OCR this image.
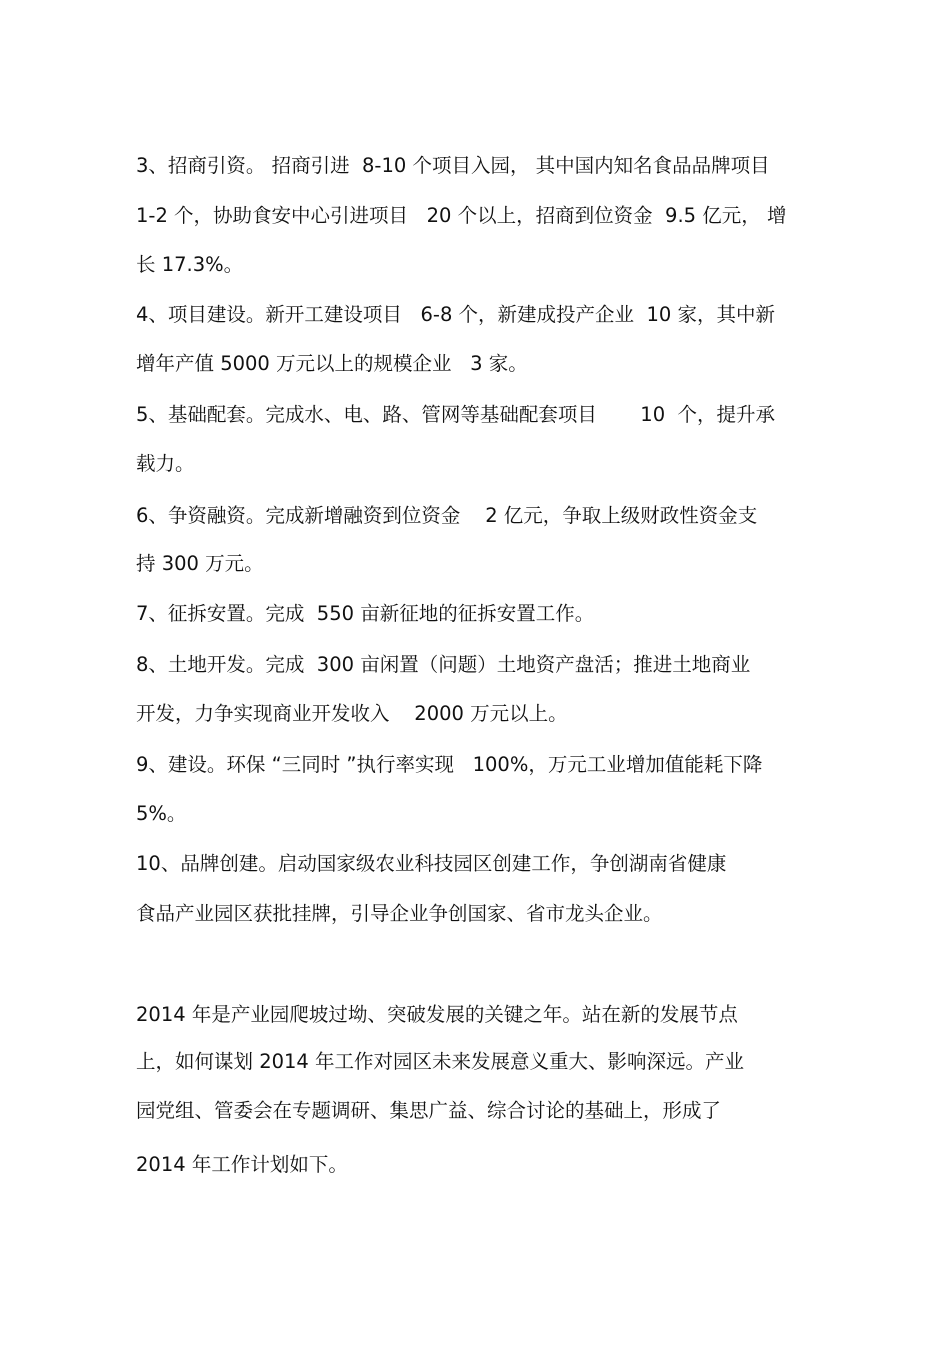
3、招商引资。 招商引进  8-10 个项目入园， 其中国内知名食品品牌项目
1-2 个，协助食安中心引进项目   20 个以上，招商到位资金  9.5 亿元， 增
长 17.3%。
4、项目建设。新开工建设项目   6-8 个，新建成投产企业  10 家，其中新
增年产值 5000 万元以上的规模企业   3 家。
5、基础配套。完成水、电、路、管网等基础配套项目       10  个，提升承
载力。
6、争资融资。完成新增融资到位资金    2 亿元，争取上级财政性资金支
持 300 万元。
7、征拆安置。完成  550 亩新征地的征拆安置工作。
8、土地开发。完成  300 亩闲置（问题）土地资产盘活；推进土地商业
开发，力争实现商业开发收入    2000 万元以上。
9、建设。环保 “三同时 ”执行率实现   100%，万元工业增加值能耗下降
5%。
10、品牌创建。启动国家级农业科技园区创建工作，争创湖南省健康
食品产业园区获批挂牌，引导企业争创国家、省市龙头企业。
2014 年是产业园爬坡过坳、突破发展的关键之年。站在新的发展节点
上，如何谋划 2014 年工作对园区未来发展意义重大、影响深远。产业
园党组、管委会在专题调研、集思广益、综合讨论的基础上，形成了
2014 年工作计划如下。
